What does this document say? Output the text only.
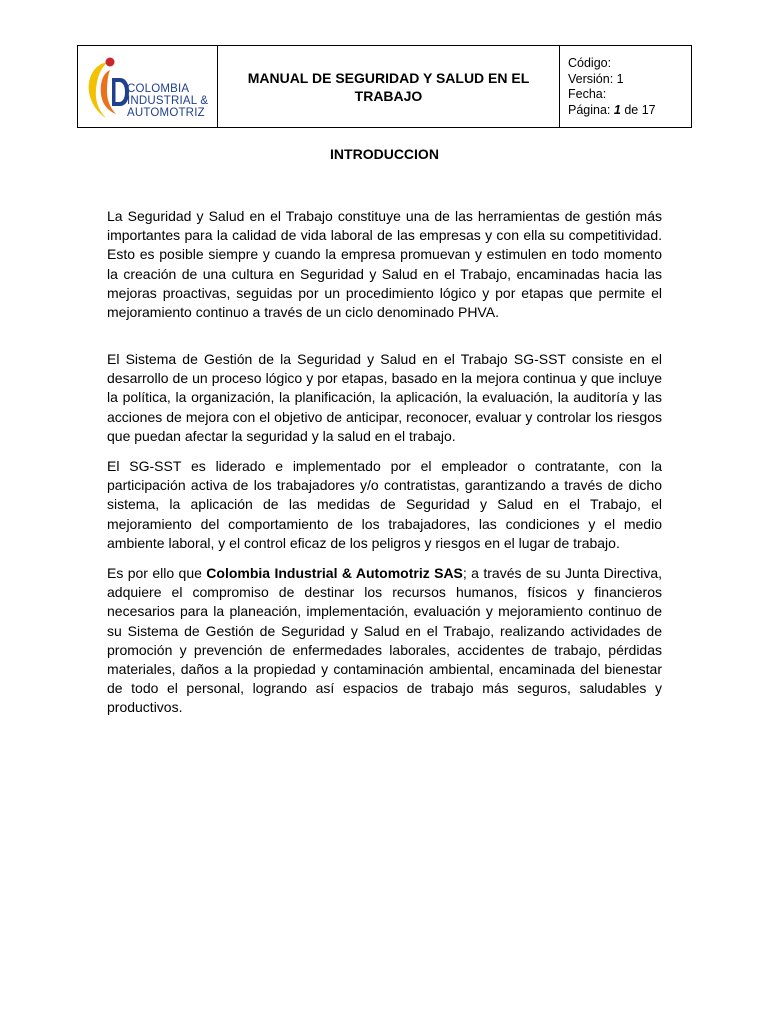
COLOMBIA
INDUSTRIAL &
AUTOMOTRIZ
MANUAL DE SEGURIDAD Y SALUD EN EL TRABAJO
Código:
Versión: 1
Fecha:
Página: 1 de 17
INTRODUCCION

La Seguridad y Salud en el Trabajo constituye una de las herramientas de gestión más importantes para la calidad de vida laboral de las empresas y con ella su competitividad. Esto es posible siempre y cuando la empresa promuevan y estimulen en todo momento la creación de una cultura en Seguridad y Salud en el Trabajo, encaminadas hacia las mejoras proactivas, seguidas por un procedimiento lógico y por etapas que permite el mejoramiento continuo a través de un ciclo denominado PHVA.

El Sistema de Gestión de la Seguridad y Salud en el Trabajo SG-SST consiste en el desarrollo de un proceso lógico y por etapas, basado en la mejora continua y que incluye la política, la organización, la planificación, la aplicación, la evaluación, la auditoría y las acciones de mejora con el objetivo de anticipar, reconocer, evaluar y controlar los riesgos que puedan afectar la seguridad y la salud en el trabajo.

El SG-SST es liderado e implementado por el empleador o contratante, con la participación activa de los trabajadores y/o contratistas, garantizando a través de dicho sistema, la aplicación de las medidas de Seguridad y Salud en el Trabajo, el mejoramiento del comportamiento de los trabajadores, las condiciones y el medio ambiente laboral, y el control eficaz de los peligros y riesgos en el lugar de trabajo.

Es por ello que Colombia Industrial & Automotriz SAS; a través de su Junta Directiva, adquiere el compromiso de destinar los recursos humanos, físicos y financieros necesarios para la planeación, implementación, evaluación y mejoramiento continuo de su Sistema de Gestión de Seguridad y Salud en el Trabajo, realizando actividades de promoción y prevención de enfermedades laborales, accidentes de trabajo, pérdidas materiales, daños a la propiedad y contaminación ambiental, encaminada del bienestar de todo el personal, logrando así espacios de trabajo más seguros, saludables y productivos.
